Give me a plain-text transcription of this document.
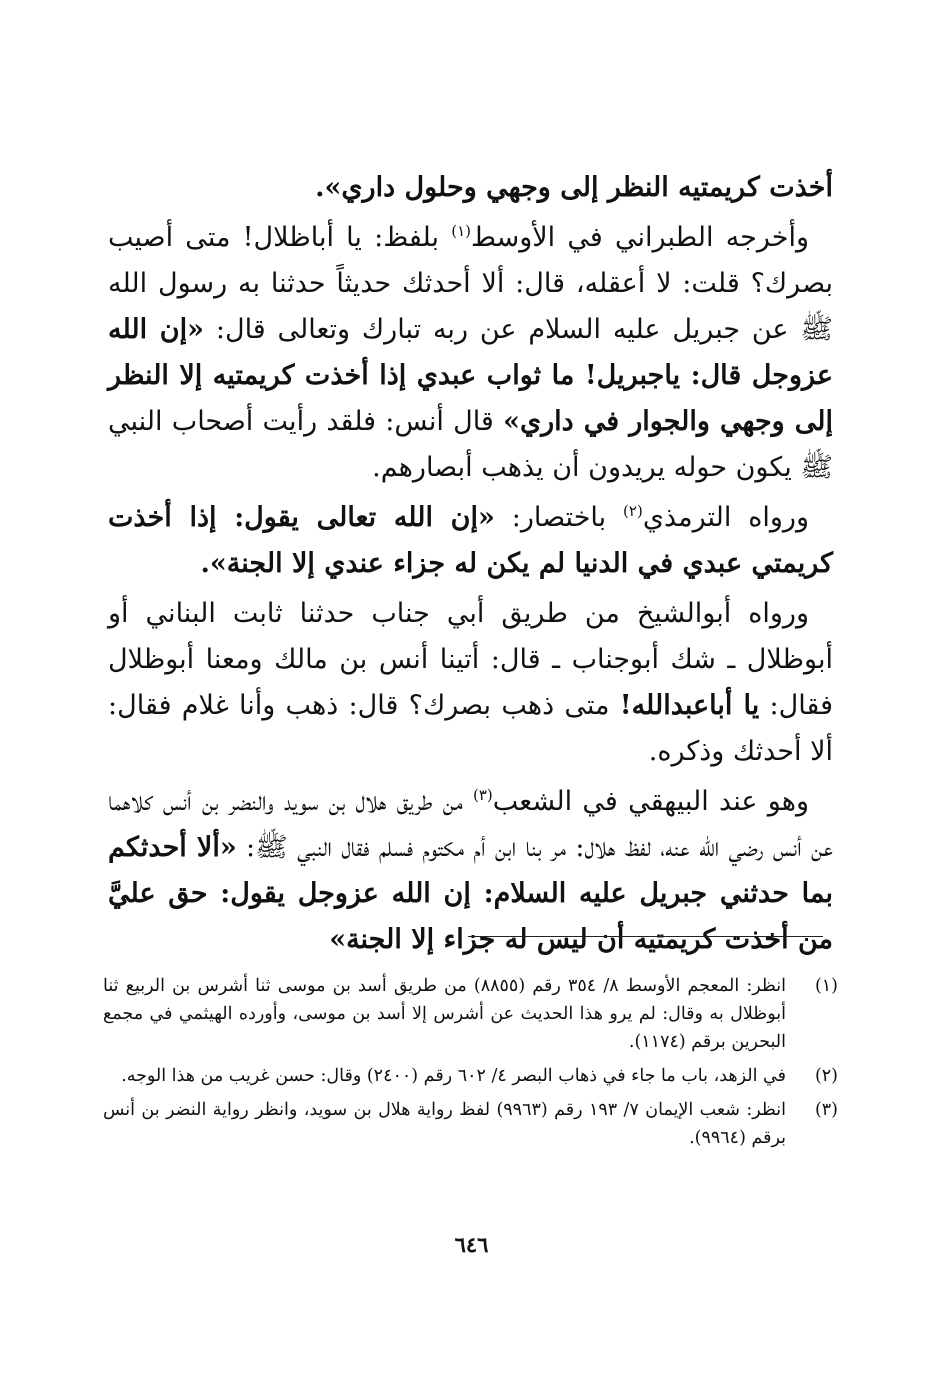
أخذت كريمتيه النظر إلى وجهي وحلول داري».

وأخرجه الطبراني في الأوسط$^{(١)}$ بلفظ: يا أباظلال! متى أصيب بصرك؟ قلت: لا أعقله، قال: ألا أحدثك حديثاً حدثنا به رسول الله ﷺ عن جبريل عليه السلام عن ربه تبارك وتعالى قال: «إن الله عزوجل قال: ياجبريل! ما ثواب عبدي إذا أخذت كريمتيه إلا النظر إلى وجهي والجوار في داري» قال أنس: فلقد رأيت أصحاب النبي ﷺ يكون حوله يريدون أن يذهب أبصارهم.

ورواه الترمذي$^{(٢)}$ باختصار: «إن الله تعالى يقول: إذا أخذت كريمتي عبدي في الدنيا لم يكن له جزاء عندي إلا الجنة».

ورواه أبوالشيخ من طريق أبي جناب حدثنا ثابت البناني أو أبوظلال ـ شك أبوجناب ـ قال: أتينا أنس بن مالك ومعنا أبوظلال فقال: يا أباعبدالله! متى ذهب بصرك؟ قال: ذهب وأنا غلام فقال: ألا أحدثك وذكره.

وهو عند البيهقي في الشعب$^{(٣)}$ من طريق هلال بن سويد والنضر بن أنس كلاهما عن أنس رضي الله عنه، لفظ هلال: مر بنا ابن أم مكتوم فسلم فقال النبي ﷺ: «ألا أحدثكم بما حدثني جبريل عليه السلام: إن الله عزوجل يقول: حق عليَّ من أخذت كريمتيه أن ليس له جزاء إلا الجنة»

(١)
انظر: المعجم الأوسط ٨/ ٣٥٤ رقم (٨٨٥٥) من طريق أسد بن موسى ثنا أشرس بن الربيع ثنا أبوظلال به وقال: لم يرو هذا الحديث عن أشرس إلا أسد بن موسى، وأورده الهيثمي في مجمع البحرين برقم (١١٧٤).
(٢)
في الزهد، باب ما جاء في ذهاب البصر ٤/ ٦٠٢ رقم (٢٤٠٠) وقال: حسن غريب من هذا الوجه.
(٣)
انظر: شعب الإيمان ٧/ ١٩٣ رقم (٩٩٦٣) لفظ رواية هلال بن سويد، وانظر رواية النضر بن أنس برقم (٩٩٦٤).
٦٤٦
